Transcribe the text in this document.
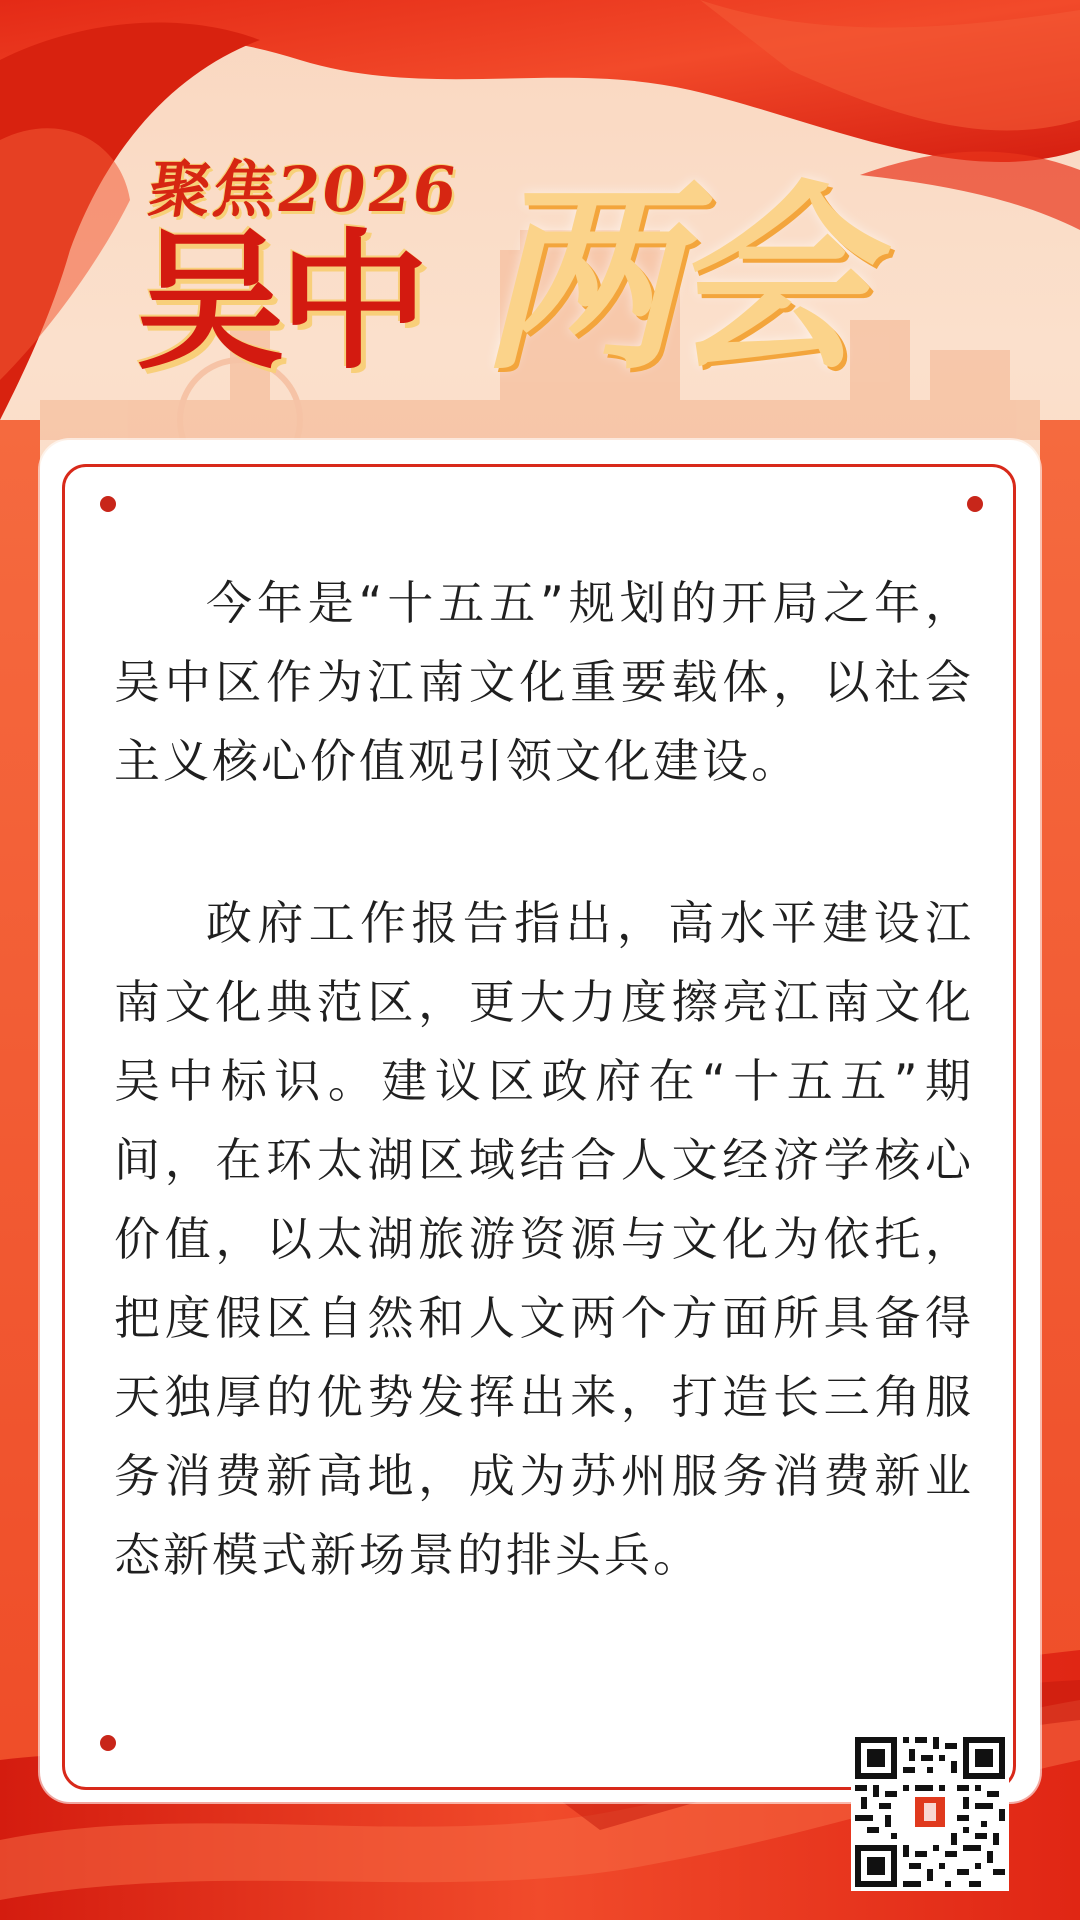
聚焦2026
吴中 两会

今年是“十五五”规划的开局之年，吴中区作为江南文化重要载体，以社会主义核心价值观引领文化建设。

政府工作报告指出，高水平建设江南文化典范区，更大力度擦亮江南文化吴中标识。建议区政府在“十五五”期间，在环太湖区域结合人文经济学核心价值，以太湖旅游资源与文化为依托，把度假区自然和人文两个方面所具备得天独厚的优势发挥出来，打造长三角服务消费新高地，成为苏州服务消费新业态新模式新场景的排头兵。
